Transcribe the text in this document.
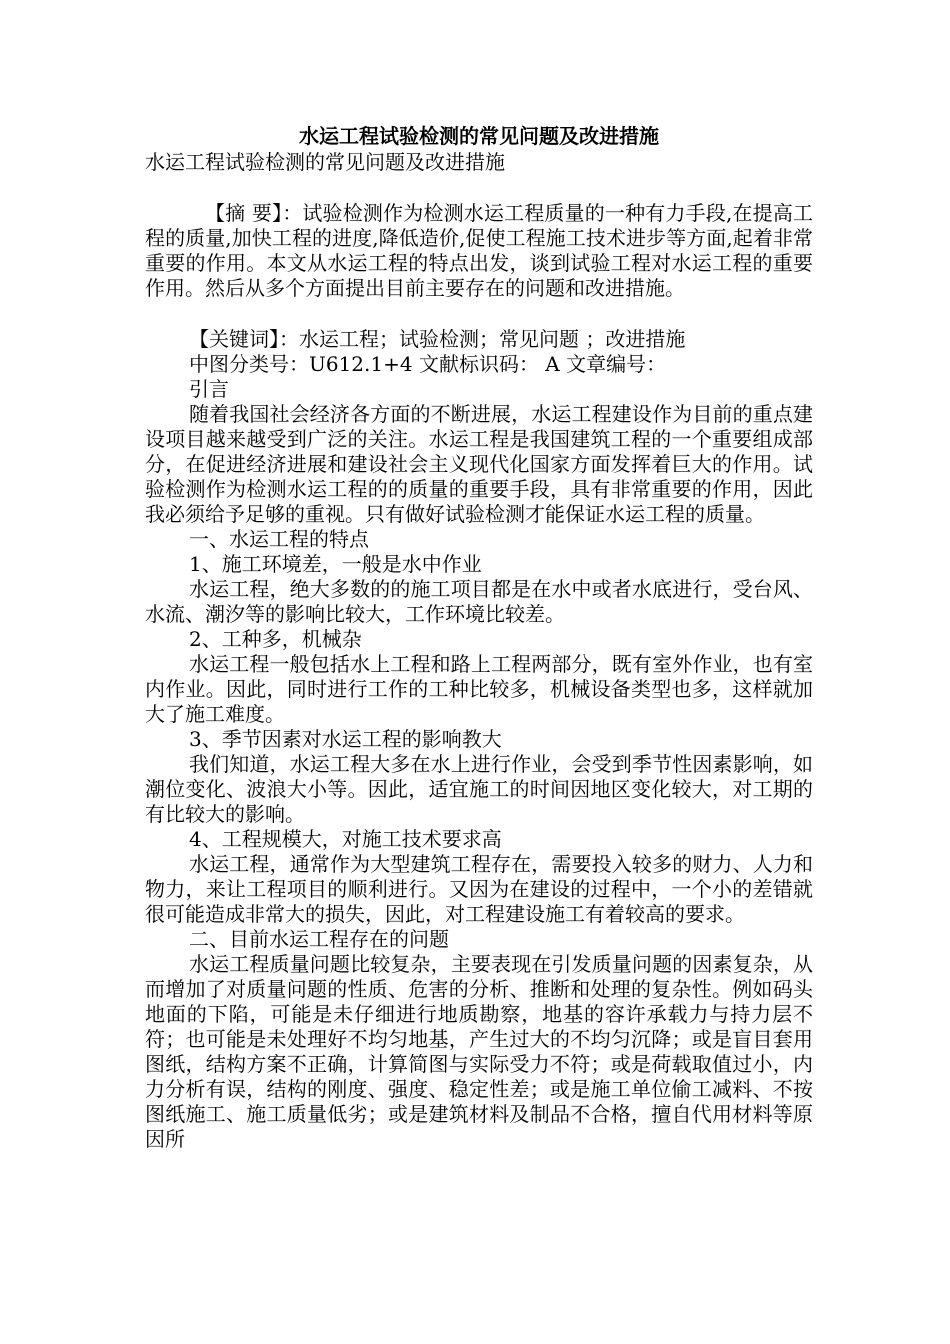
水运工程试验检测的常见问题及改进措施

水运工程试验检测的常见问题及改进措施

【摘 要】：试验检测作为检测水运工程质量的一种有力手段,在提高工程的质量,加快工程的进度,降低造价,促使工程施工技术进步等方面,起着非常重要的作用。本文从水运工程的特点出发，谈到试验工程对水运工程的重要作用。然后从多个方面提出目前主要存在的问题和改进措施。

【关键词】：水运工程；试验检测；常见问题 ；改进措施

中图分类号：U612.1+4 文献标识码： A 文章编号：

引言

随着我国社会经济各方面的不断进展，水运工程建设作为目前的重点建设项目越来越受到广泛的关注。水运工程是我国建筑工程的一个重要组成部分，在促进经济进展和建设社会主义现代化国家方面发挥着巨大的作用。试验检测作为检测水运工程的的质量的重要手段，具有非常重要的作用，因此我必须给予足够的重视。只有做好试验检测才能保证水运工程的质量。

一、水运工程的特点

1、施工环境差，一般是水中作业

水运工程，绝大多数的的施工项目都是在水中或者水底进行，受台风、水流、潮汐等的影响比较大，工作环境比较差。

2、工种多，机械杂

水运工程一般包括水上工程和路上工程两部分，既有室外作业，也有室内作业。因此，同时进行工作的工种比较多，机械设备类型也多，这样就加大了施工难度。

3、季节因素对水运工程的影响教大

我们知道，水运工程大多在水上进行作业，会受到季节性因素影响，如潮位变化、波浪大小等。因此，适宜施工的时间因地区变化较大，对工期的有比较大的影响。

4、工程规模大，对施工技术要求高

水运工程，通常作为大型建筑工程存在，需要投入较多的财力、人力和物力，来让工程项目的顺利进行。又因为在建设的过程中，一个小的差错就很可能造成非常大的损失，因此，对工程建设施工有着较高的要求。

二、目前水运工程存在的问题

水运工程质量问题比较复杂，主要表现在引发质量问题的因素复杂，从而增加了对质量问题的性质、危害的分析、推断和处理的复杂性。例如码头地面的下陷，可能是未仔细进行地质勘察，地基的容许承载力与持力层不符；也可能是未处理好不均匀地基，产生过大的不均匀沉降；或是盲目套用图纸，结构方案不正确，计算简图与实际受力不符；或是荷载取值过小，内力分析有误，结构的刚度、强度、稳定性差；或是施工单位偷工减料、不按图纸施工、施工质量低劣；或是建筑材料及制品不合格，擅自代用材料等原因所
